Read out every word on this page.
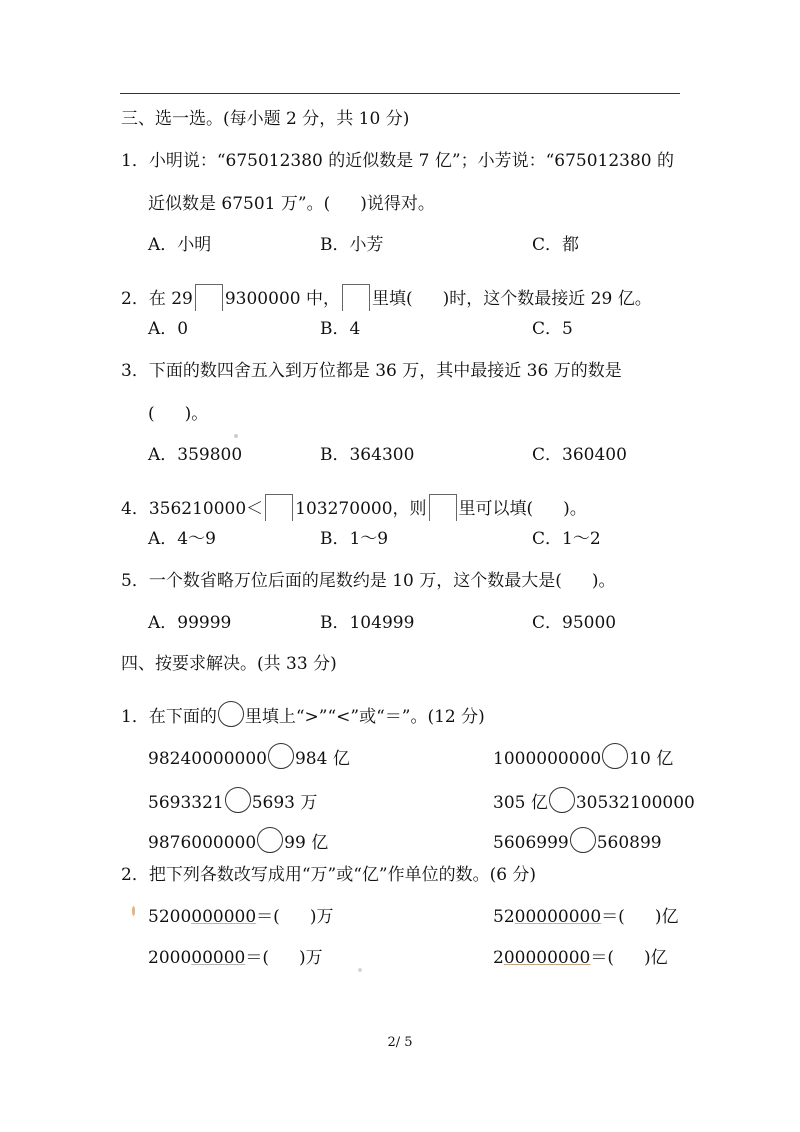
三、选一选。(每小题 2 分，共 10 分)
1．小明说：“675012380 的近似数是 7 亿”；小芳说：“675012380 的
近似数是 67501 万”。( )说得对。
A．小明	B．小芳	C．都
2．在 29 9300000 中， 里填( )时，这个数最接近 29 亿。
A．0	B．4	C．5
3．下面的数四舍五入到万位都是 36 万，其中最接近 36 万的数是
( )。
A．359800	B．364300	C．360400
4．356210000＜ 103270000，则 里可以填( )。
A．4～9	B．1～9	C．1～2
5．一个数省略万位后面的尾数约是 10 万，这个数最大是( )。
A．99999	B．104999	C．95000
四、按要求解决。(共 33 分)
1．在下面的 里填上“>”“<”或“＝”。(12 分)
98240000000 984 亿	1000000000 10 亿
5693321 5693 万	305 亿 30532100000
9876000000 99 亿	5606999 560899
2．把下列各数改写成用“万”或“亿”作单位的数。(6 分)
5200000000＝( )万	5200000000＝( )亿
200000000＝( )万	200000000＝( )亿
2/ 5
